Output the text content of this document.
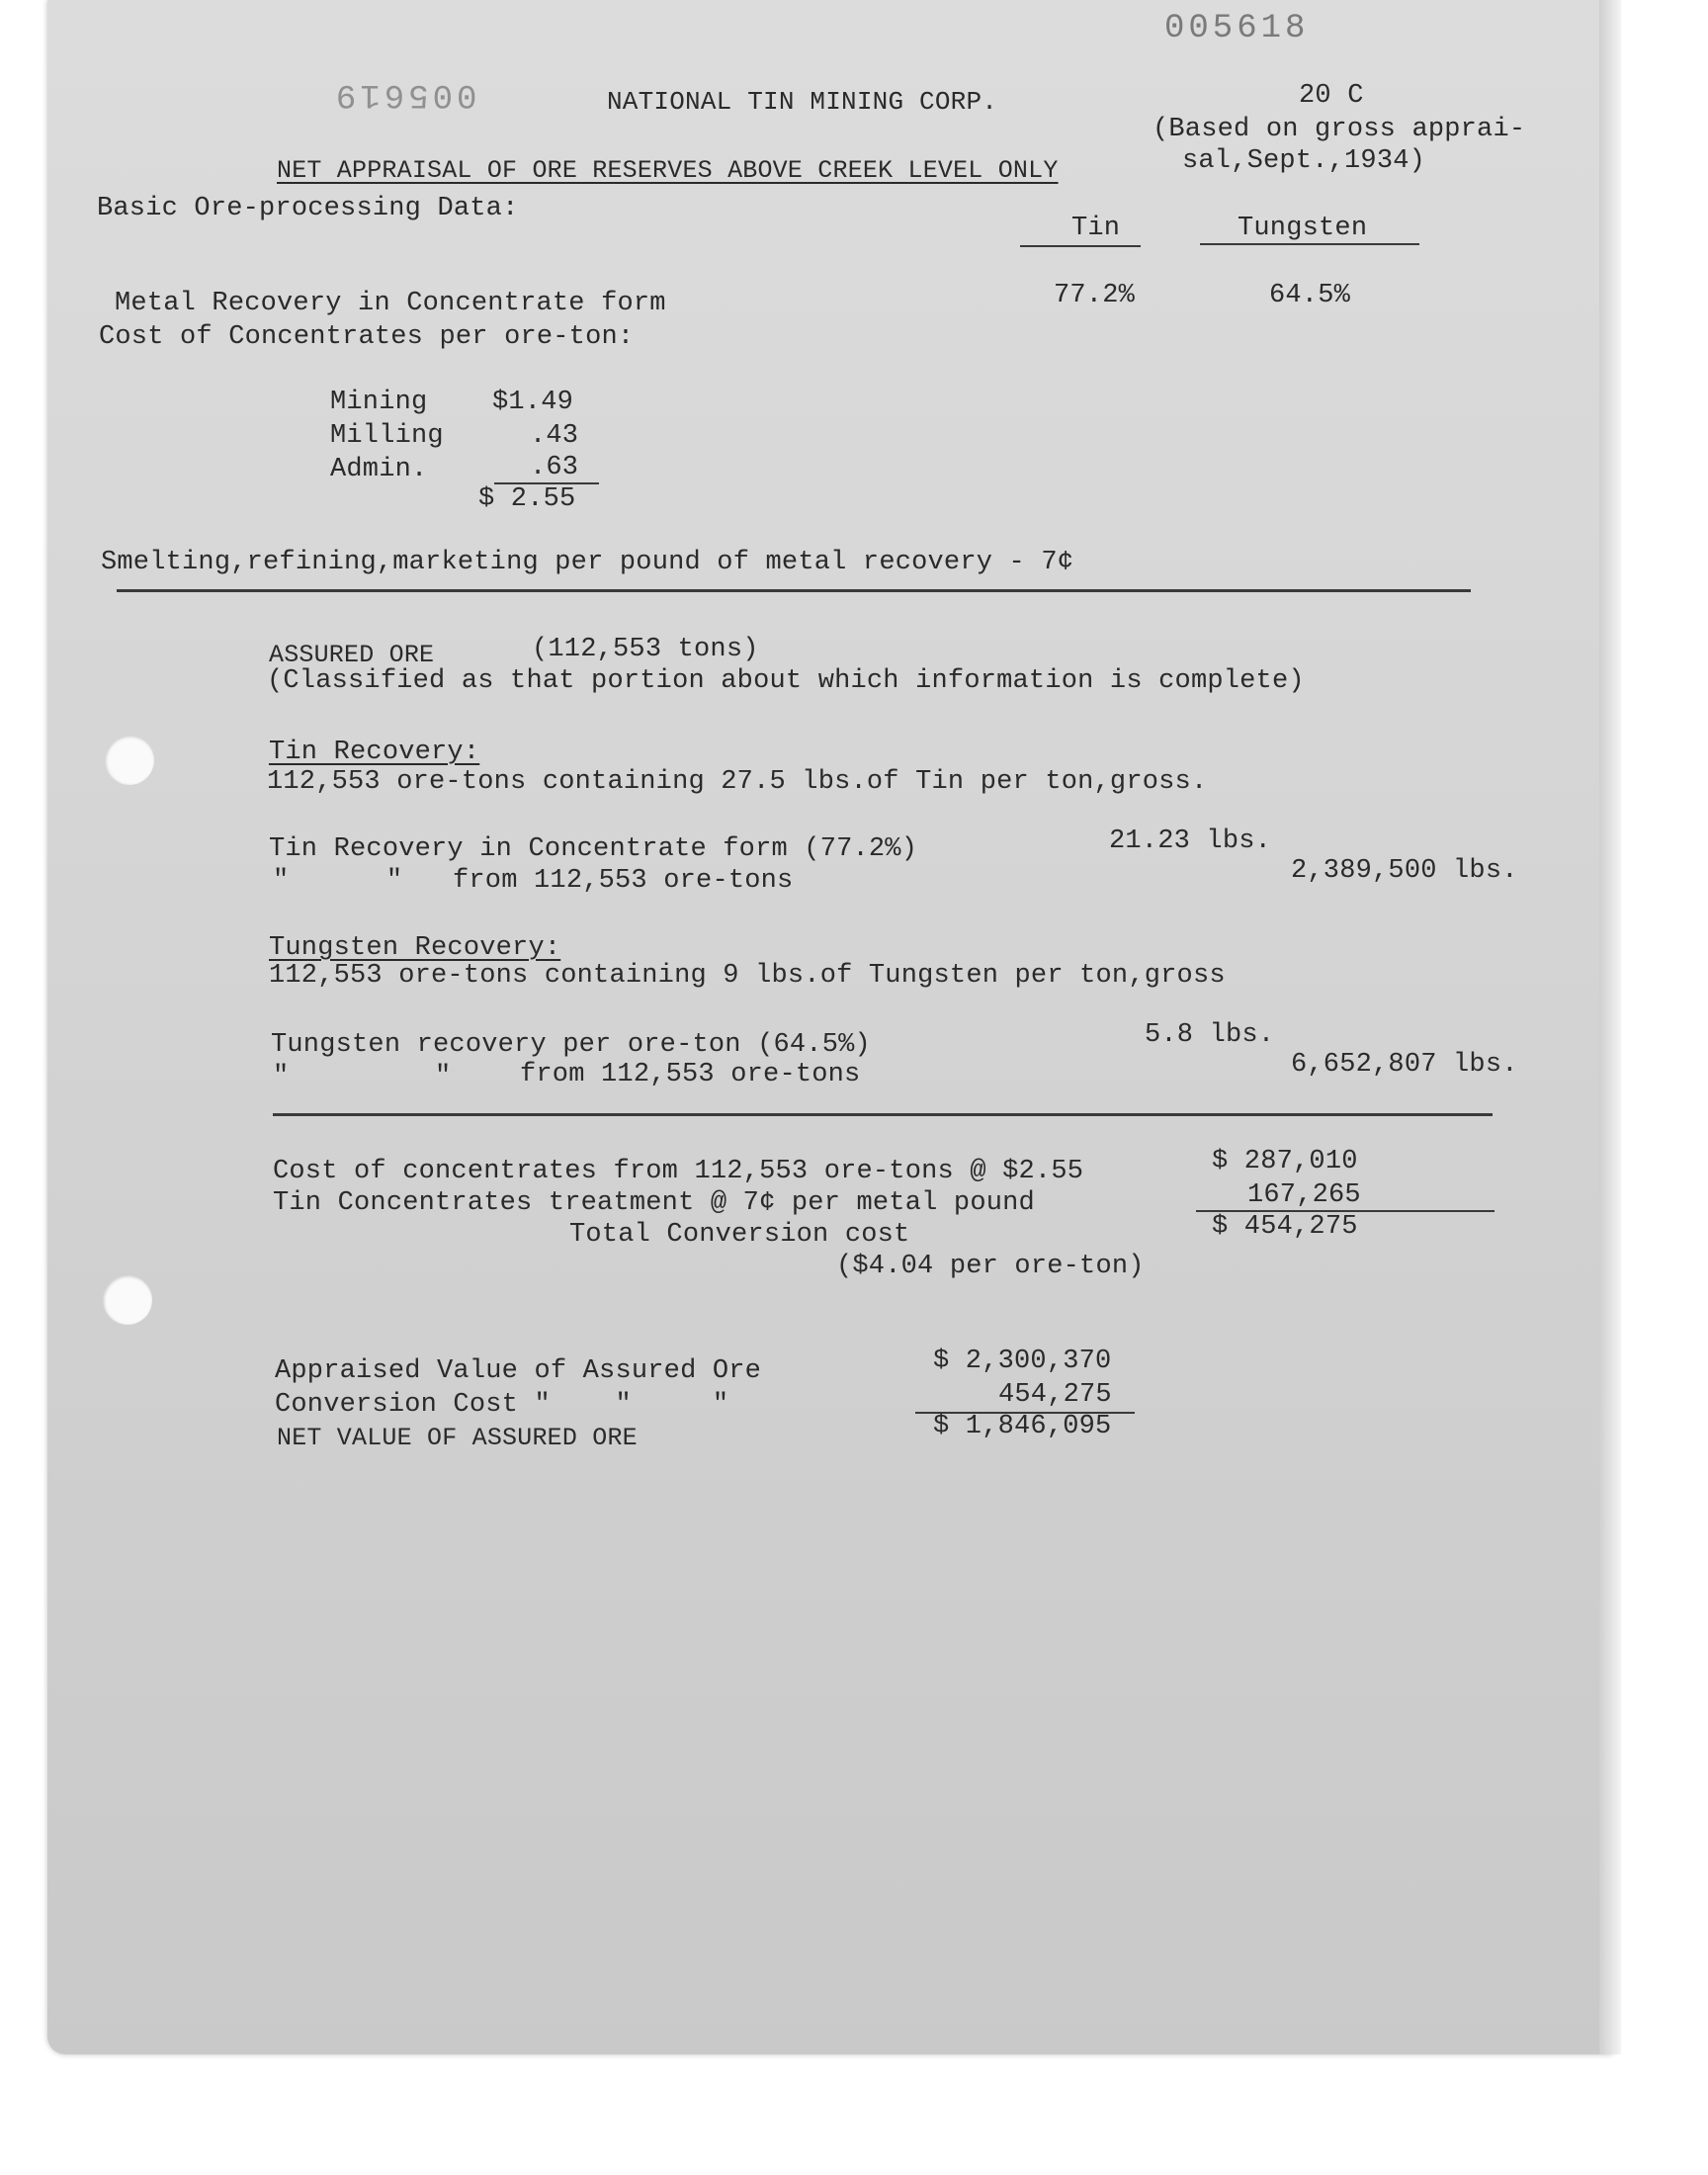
005618
005619	NATIONAL TIN MINING CORP.	20 C
(Based on gross apprai-
sal,Sept.,1934)
NET APPRAISAL OF ORE RESERVES ABOVE CREEK LEVEL ONLY
Basic Ore-processing Data:
Tin	Tungsten
Metal Recovery in Concentrate form	77.2%	64.5%
Cost of Concentrates per ore-ton:
Mining $1.49
Milling	.43
Admin.	.63
$ 2.55
Smelting,refining,marketing per pound of metal recovery - 7¢
ASSURED ORE	(112,553 tons)
(Classified as that portion about which information is complete)
Tin Recovery:
112,553 ore-tons containing 27.5 lbs.of Tin per ton,gross.
Tin Recovery in Concentrate form (77.2%)	21.23 lbs.
"      " from 112,553 ore-tons	2,389,500 lbs.
Tungsten Recovery:
112,553 ore-tons containing 9 lbs.of Tungsten per ton,gross
Tungsten recovery per ore-ton (64.5%)	5.8 lbs.
"         "	from 112,553 ore-tons	6,652,807 lbs.
Cost of concentrates from 112,553 ore-tons @ $2.55	$ 287,010
Tin Concentrates treatment @ 7¢ per metal pound	167,265
Total Conversion cost	$ 454,275
($4.04 per ore-ton)
Appraised Value of Assured Ore	$ 2,300,370
Conversion Cost "    "     "	454,275
NET VALUE OF ASSURED ORE	$ 1,846,095
